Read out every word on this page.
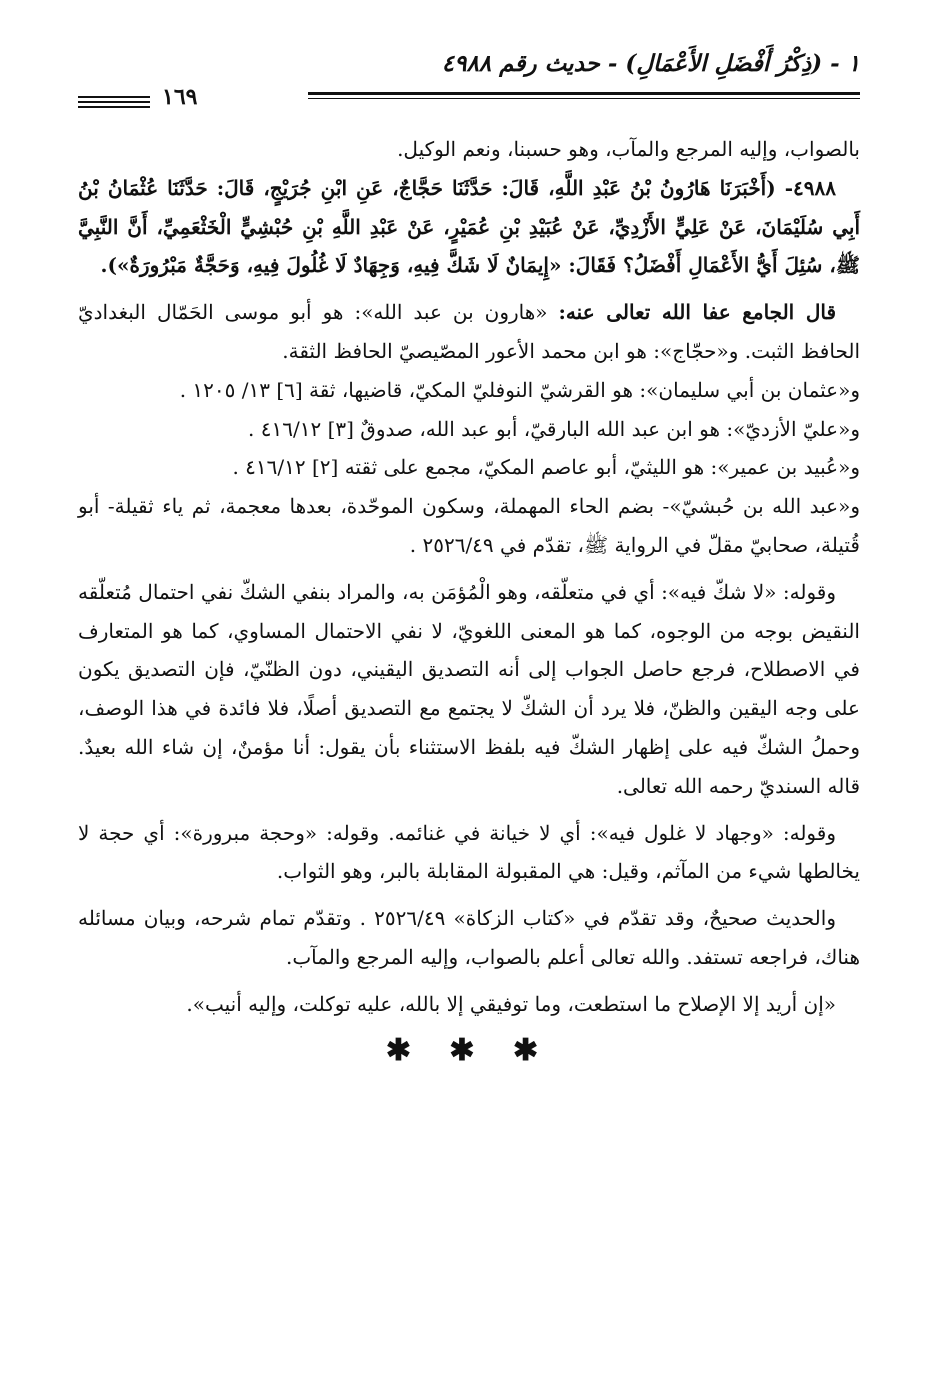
١ - (ذِكْرُ أَفْضَلِ الأَعْمَالِ) - حديث رقم ٤٩٨٨
١٦٩

بالصواب، وإليه المرجع والمآب، وهو حسبنا، ونعم الوكيل.

٤٩٨٨- (أَخْبَرَنَا هَارُونُ بْنُ عَبْدِ اللَّهِ، قَالَ: حَدَّثَنَا حَجَّاجٌ، عَنِ ابْنِ جُرَيْجٍ، قَالَ: حَدَّثَنَا عُثْمَانُ بْنُ أَبِي سُلَيْمَانَ، عَنْ عَلِيٍّ الأَزْدِيِّ، عَنْ عُبَيْدِ بْنِ عُمَيْرٍ، عَنْ عَبْدِ اللَّهِ بْنِ حُبْشِيٍّ الْخَثْعَمِيِّ، أَنَّ النَّبِيَّ ﷺ، سُئِلَ أَيُّ الأَعْمَالِ أَفْضَلُ؟ فَقَالَ: «إِيمَانٌ لَا شَكَّ فِيهِ، وَجِهَادٌ لَا غُلُولَ فِيهِ، وَحَجَّةٌ مَبْرُورَةٌ»).

قال الجامع عفا الله تعالى عنه: «هارون بن عبد الله»: هو أبو موسى الحَمّال البغداديّ الحافظ الثبت. و«حجّاج»: هو ابن محمد الأعور المصّيصيّ الحافظ الثقة.

و«عثمان بن أبي سليمان»: هو القرشيّ النوفليّ المكيّ، قاضيها، ثقة [٦] ١٣/ ١٢٠٥ .

و«عليّ الأزديّ»: هو ابن عبد الله البارقيّ، أبو عبد الله، صدوقٌ [٣] ٤١٦/١٢ .

و«عُبيد بن عمير»: هو الليثيّ، أبو عاصم المكيّ، مجمع على ثقته [٢] ٤١٦/١٢ .

و«عبد الله بن حُبشيّ»- بضم الحاء المهملة، وسكون الموحّدة، بعدها معجمة، ثم ياء ثقيلة- أبو قُتيلة، صحابيّ مقلّ في الرواية ﷺ، تقدّم في ٢٥٢٦/٤٩ .

وقوله: «لا شكّ فيه»: أي في متعلّقه، وهو الْمُؤمَن به، والمراد بنفي الشكّ نفي احتمال مُتعلّقه النقيض بوجه من الوجوه، كما هو المعنى اللغويّ، لا نفي الاحتمال المساوي، كما هو المتعارف في الاصطلاح، فرجع حاصل الجواب إلى أنه التصديق اليقيني، دون الظنّيّ، فإن التصديق يكون على وجه اليقين والظنّ، فلا يرد أن الشكّ لا يجتمع مع التصديق أصلًا، فلا فائدة في هذا الوصف، وحملُ الشكّ فيه على إظهار الشكّ فيه بلفظ الاستثناء بأن يقول: أنا مؤمنٌ، إن شاء الله بعيدٌ. قاله السنديّ رحمه الله تعالى.

وقوله: «وجهاد لا غلول فيه»: أي لا خيانة في غنائمه. وقوله: «وحجة مبرورة»: أي حجة لا يخالطها شيء من المآثم، وقيل: هي المقبولة المقابلة بالبر، وهو الثواب.

والحديث صحيحٌ، وقد تقدّم في «كتاب الزكاة» ٢٥٢٦/٤٩ . وتقدّم تمام شرحه، وبيان مسائله هناك، فراجعه تستفد. والله تعالى أعلم بالصواب، وإليه المرجع والمآب.

«إن أريد إلا الإصلاح ما استطعت، وما توفيقي إلا بالله، عليه توكلت، وإليه أنيب».

✱ ✱ ✱
